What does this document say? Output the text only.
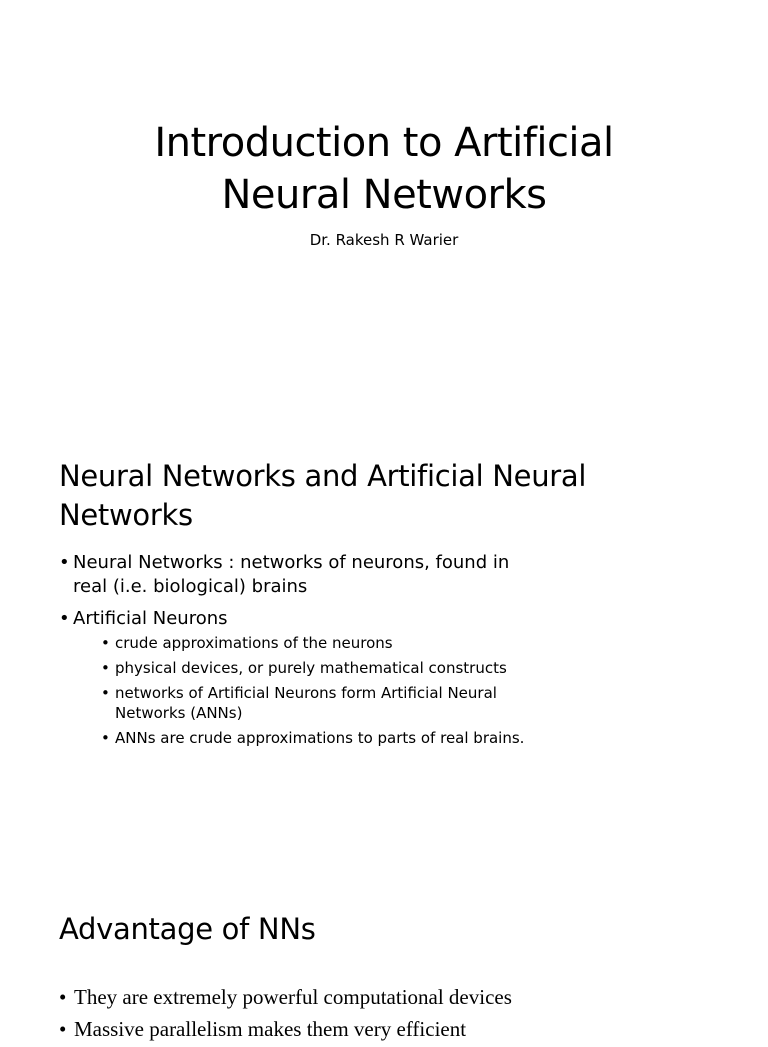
Introduction to Artificial
Neural Networks

Dr. Rakesh R Warier

Neural Networks and Artificial Neural Networks
• Neural Networks : networks of neurons, found in real (i.e. biological) brains
• Artificial Neurons
• crude approximations of the neurons
• physical devices, or purely mathematical constructs
• networks of Artificial Neurons form Artificial Neural Networks (ANNs)
• ANNs are crude approximations to parts of real brains.
Advantage of NNs
• They are extremely powerful computational devices
• Massive parallelism makes them very efficient
